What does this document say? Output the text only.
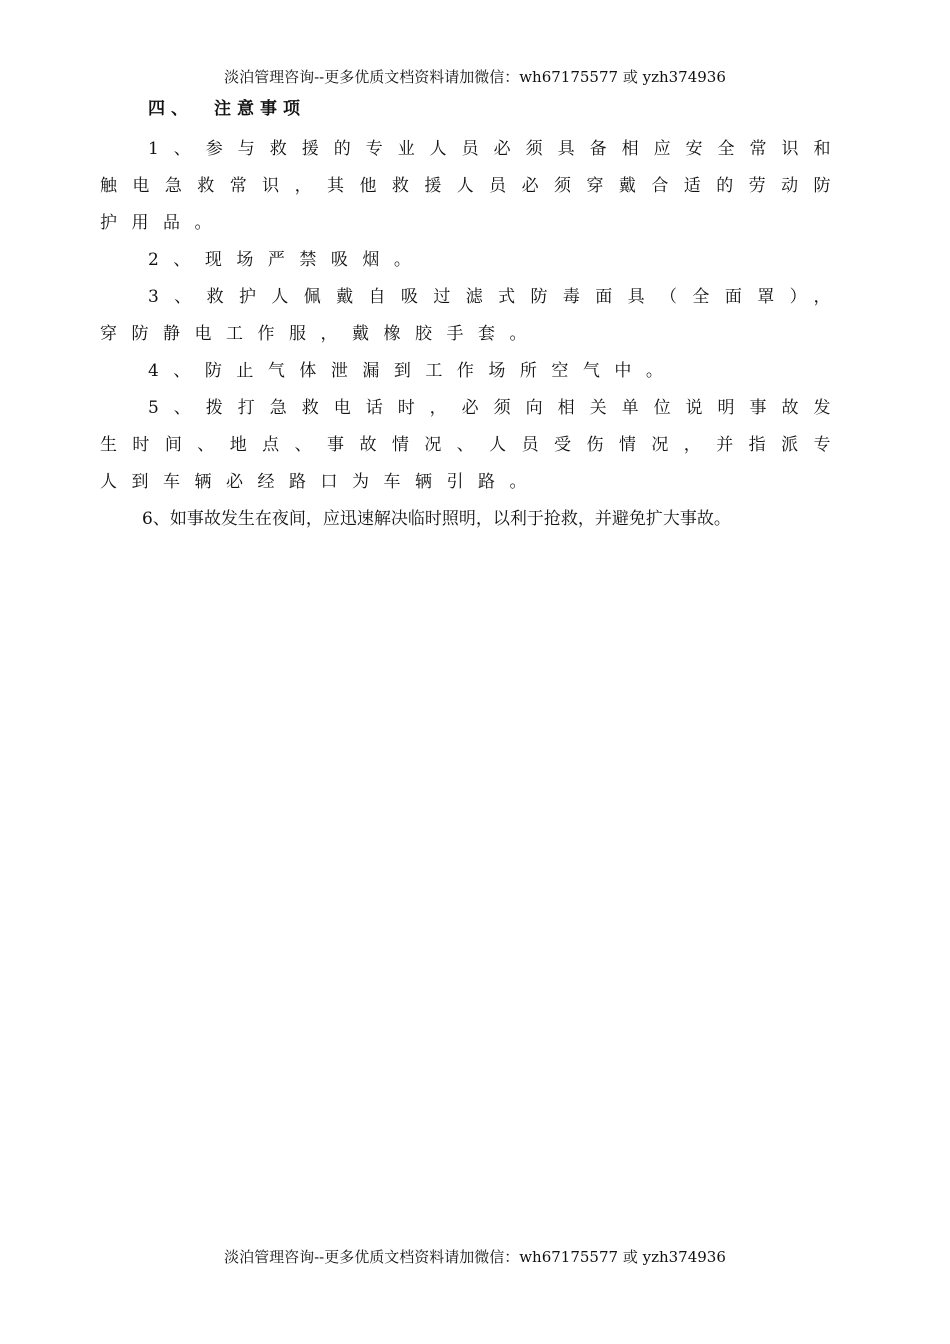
淡泊管理咨询--更多优质文档资料请加微信：wh67175577 或 yzh374936
四、 注意事项

1、参与救援的专业人员必须具备相应安全常识和触电急救常识，其他救援人员必须穿戴合适的劳动防护用品。

2、现场严禁吸烟。

3、救护人佩戴自吸过滤式防毒面具（全面罩），穿防静电工作服，戴橡胶手套。

4、防止气体泄漏到工作场所空气中。

5、拨打急救电话时，必须向相关单位说明事故发生时间、地点、事故情况、人员受伤情况，并指派专人到车辆必经路口为车辆引路。

6、如事故发生在夜间，应迅速解决临时照明，以利于抢救，并避免扩大事故。

淡泊管理咨询--更多优质文档资料请加微信：wh67175577 或 yzh374936
